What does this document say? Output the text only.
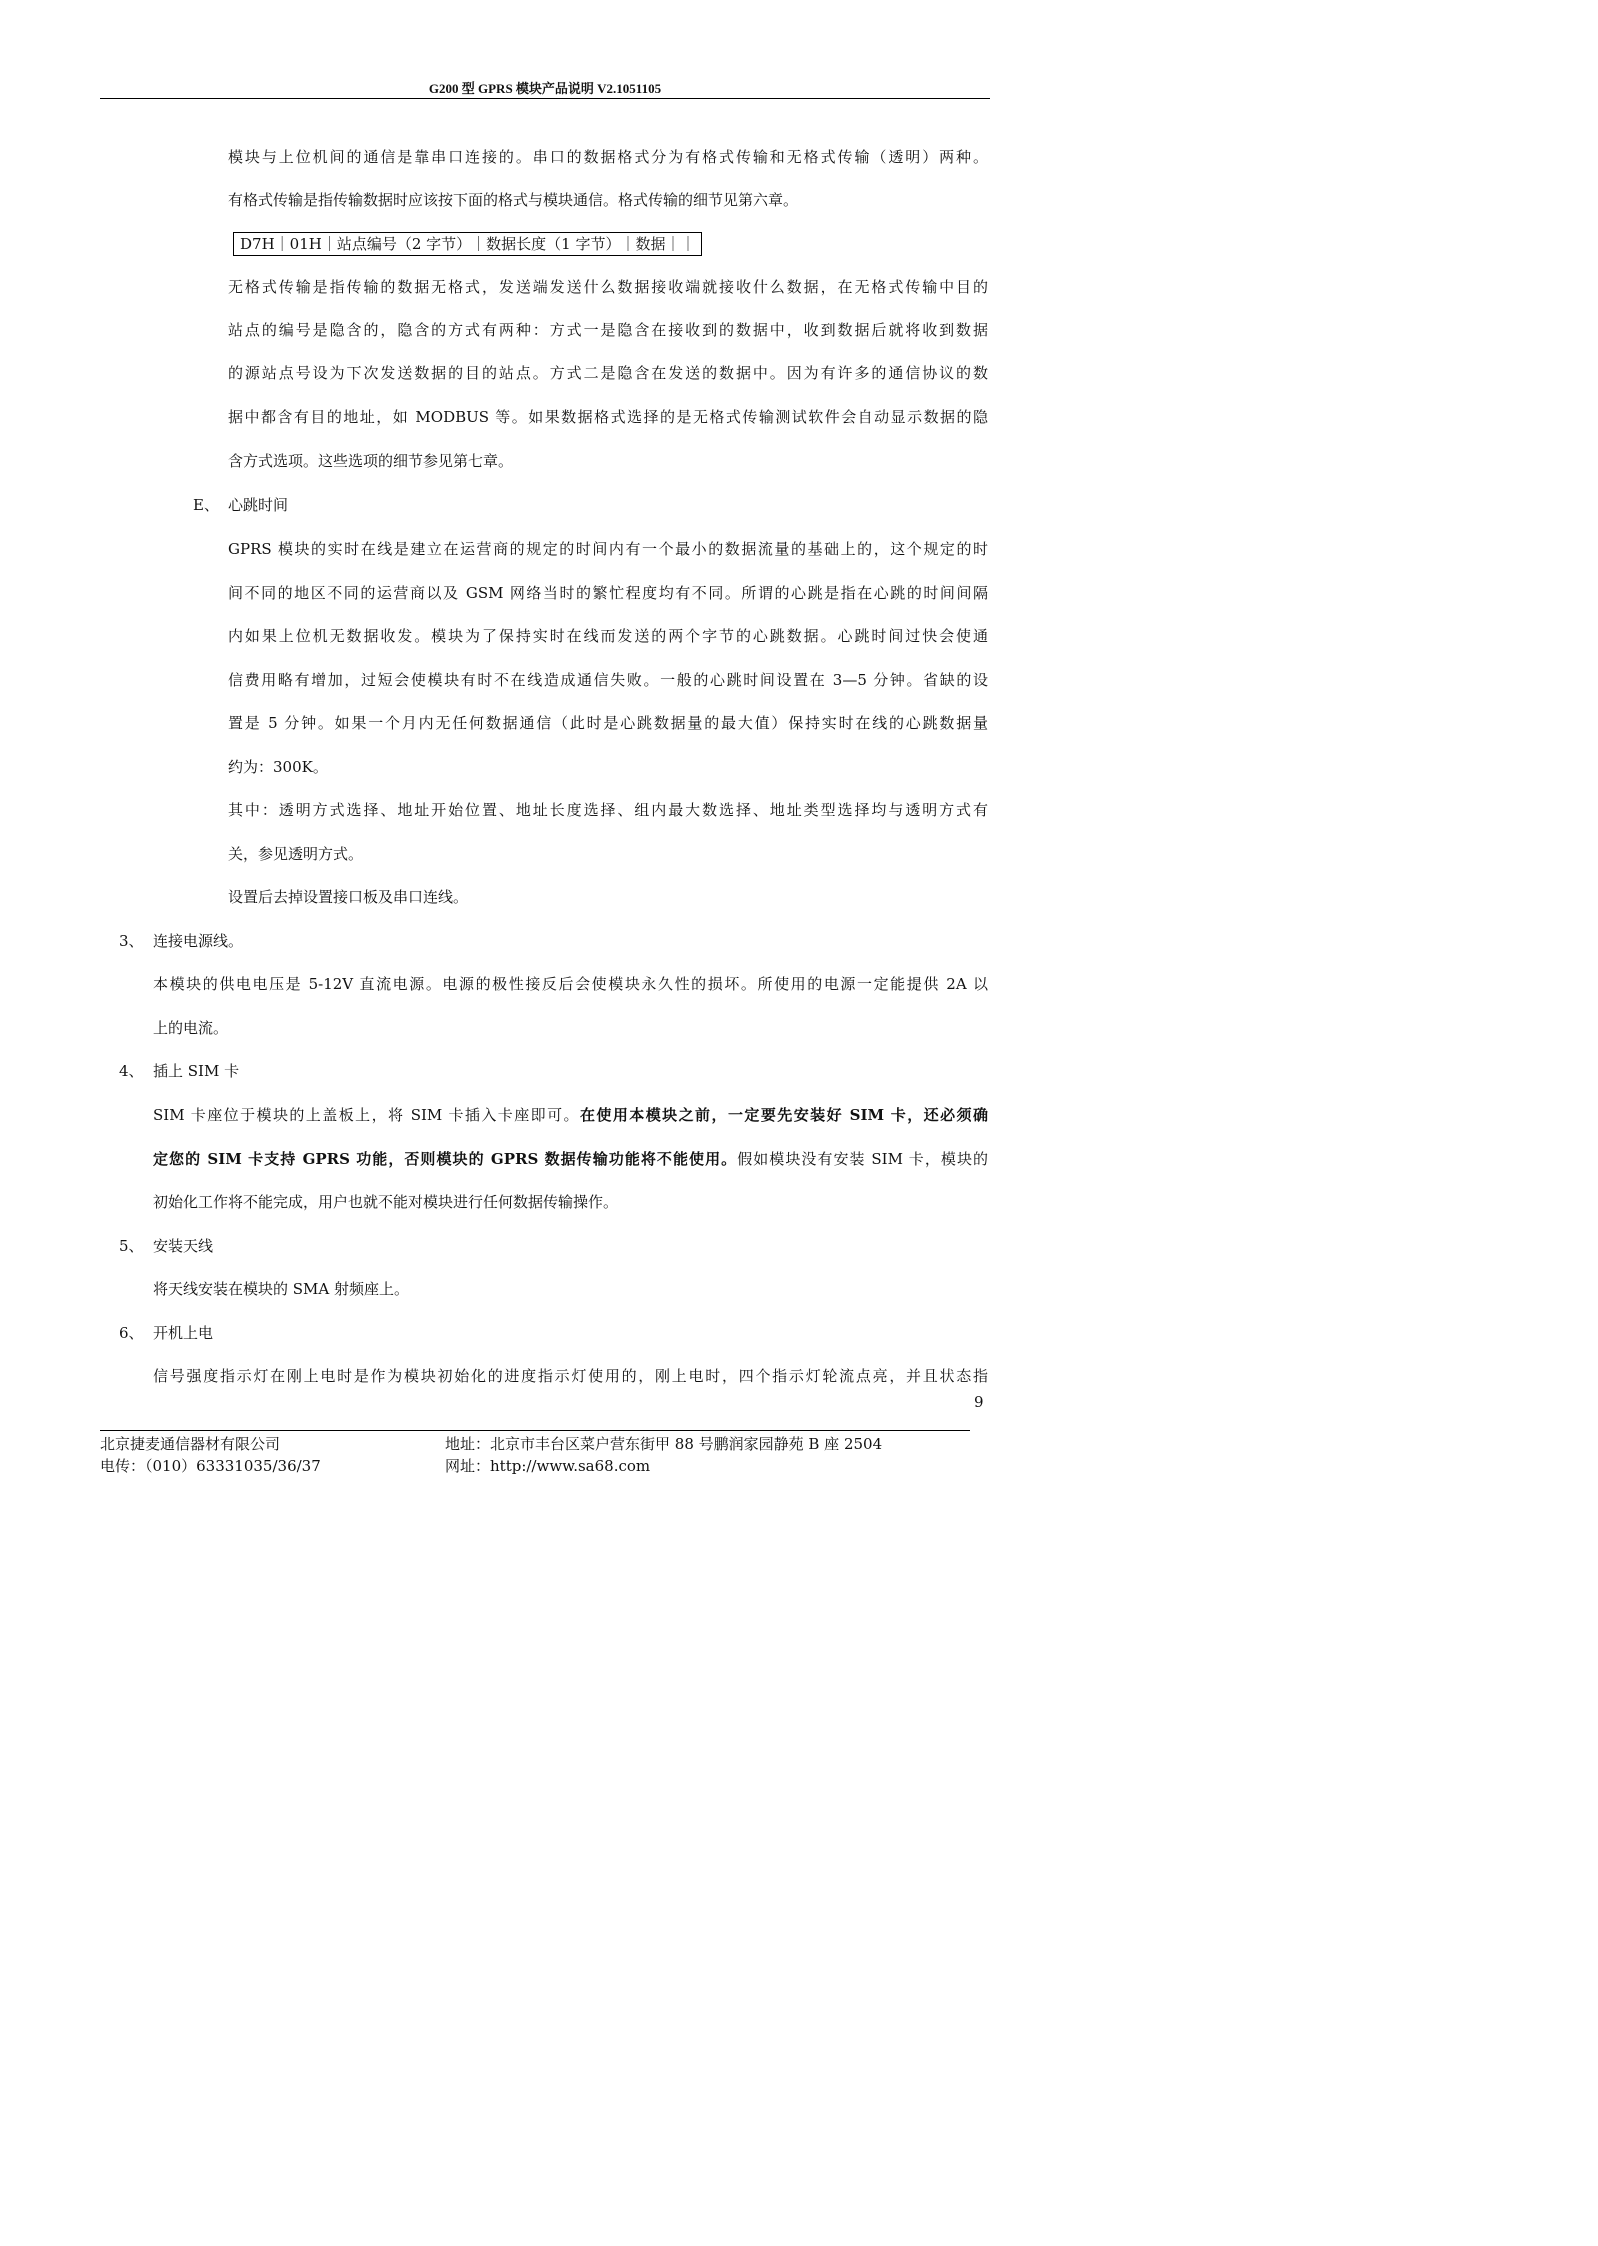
G200 型 GPRS 模块产品说明 V2.1051105
模块与上位机间的通信是靠串口连接的。串口的数据格式分为有格式传输和无格式传输（透明）两种。
有格式传输是指传输数据时应该按下面的格式与模块通信。格式传输的细节见第六章。
D7H｜01H｜站点编号（2 字节）｜数据长度（1 字节）｜数据｜｜
无格式传输是指传输的数据无格式，发送端发送什么数据接收端就接收什么数据，在无格式传输中目的
站点的编号是隐含的，隐含的方式有两种：方式一是隐含在接收到的数据中，收到数据后就将收到数据
的源站点号设为下次发送数据的目的站点。方式二是隐含在发送的数据中。因为有许多的通信协议的数
据中都含有目的地址，如 MODBUS 等。如果数据格式选择的是无格式传输测试软件会自动显示数据的隐
含方式选项。这些选项的细节参见第七章。
E、 心跳时间
GPRS 模块的实时在线是建立在运营商的规定的时间内有一个最小的数据流量的基础上的，这个规定的时
间不同的地区不同的运营商以及 GSM 网络当时的繁忙程度均有不同。所谓的心跳是指在心跳的时间间隔
内如果上位机无数据收发。模块为了保持实时在线而发送的两个字节的心跳数据。心跳时间过快会使通
信费用略有增加，过短会使模块有时不在线造成通信失败。一般的心跳时间设置在 3—5 分钟。省缺的设
置是 5 分钟。如果一个月内无任何数据通信（此时是心跳数据量的最大值）保持实时在线的心跳数据量
约为：300K。
其中：透明方式选择、地址开始位置、地址长度选择、组内最大数选择、地址类型选择均与透明方式有
关，参见透明方式。
设置后去掉设置接口板及串口连线。
3、 连接电源线。
本模块的供电电压是 5-12V 直流电源。电源的极性接反后会使模块永久性的损坏。所使用的电源一定能提供 2A 以
上的电流。
4、 插上 SIM 卡
SIM 卡座位于模块的上盖板上，将 SIM 卡插入卡座即可。在使用本模块之前，一定要先安装好 SIM 卡，还必须确
定您的 SIM 卡支持 GPRS 功能，否则模块的 GPRS 数据传输功能将不能使用。假如模块没有安装 SIM 卡，模块的
初始化工作将不能完成，用户也就不能对模块进行任何数据传输操作。
5、 安装天线
将天线安装在模块的 SMA 射频座上。
6、 开机上电
信号强度指示灯在刚上电时是作为模块初始化的进度指示灯使用的，刚上电时，四个指示灯轮流点亮，并且状态指
9
北京捷麦通信器材有限公司
电传：（010）63331035/36/37
地址：北京市丰台区菜户营东街甲 88 号鹏润家园静苑 B 座 2504
网址：http://www.sa68.com
